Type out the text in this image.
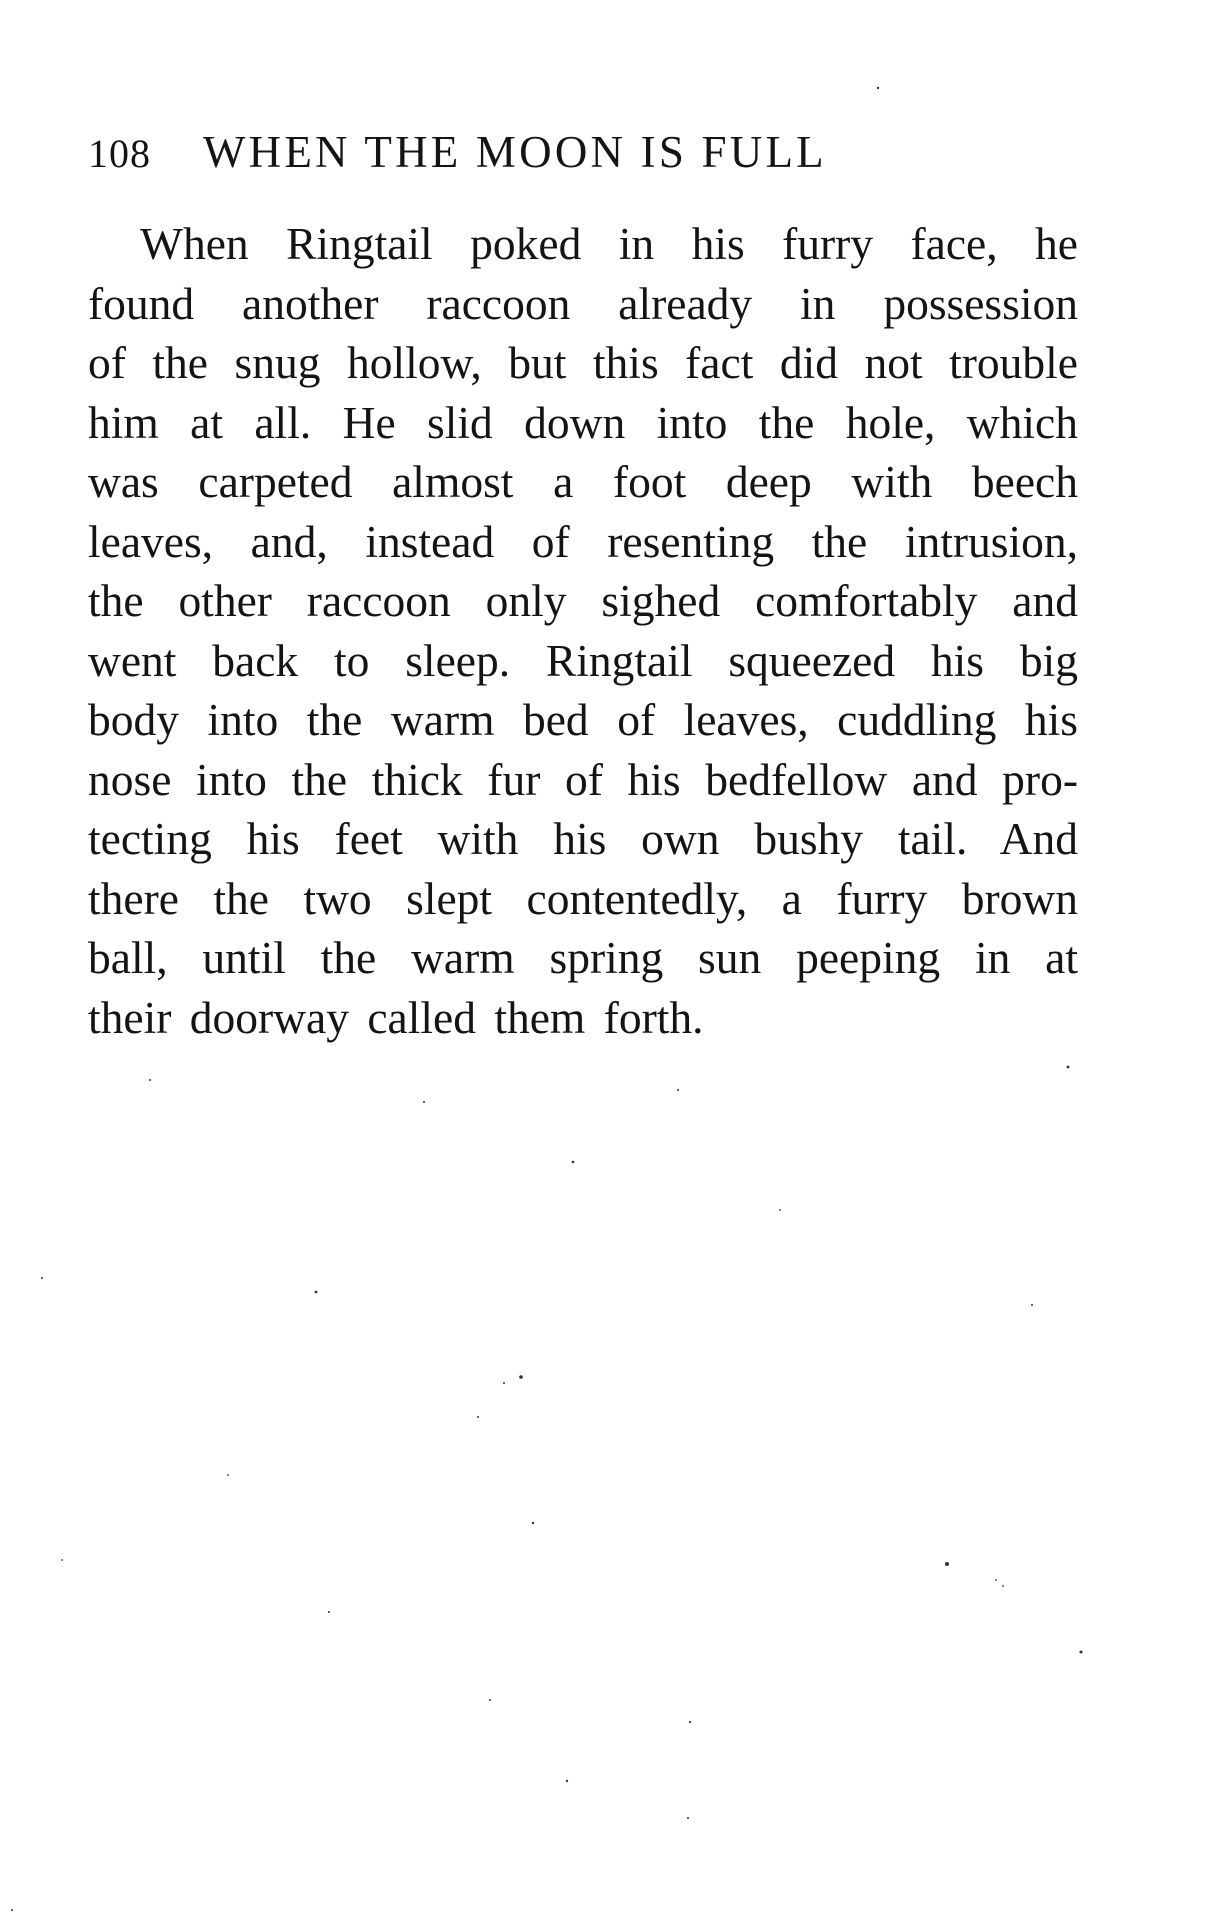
108 WHEN THE MOON IS FULL
When Ringtail poked in his furry face, he
found another raccoon already in possession
of the snug hollow, but this fact did not trouble
him at all. He slid down into the hole, which
was carpeted almost a foot deep with beech
leaves, and, instead of resenting the intrusion,
the other raccoon only sighed comfortably and
went back to sleep. Ringtail squeezed his big
body into the warm bed of leaves, cuddling his
nose into the thick fur of his bedfellow and pro-
tecting his feet with his own bushy tail. And
there the two slept contentedly, a furry brown
ball, until the warm spring sun peeping in at
their doorway called them forth.
